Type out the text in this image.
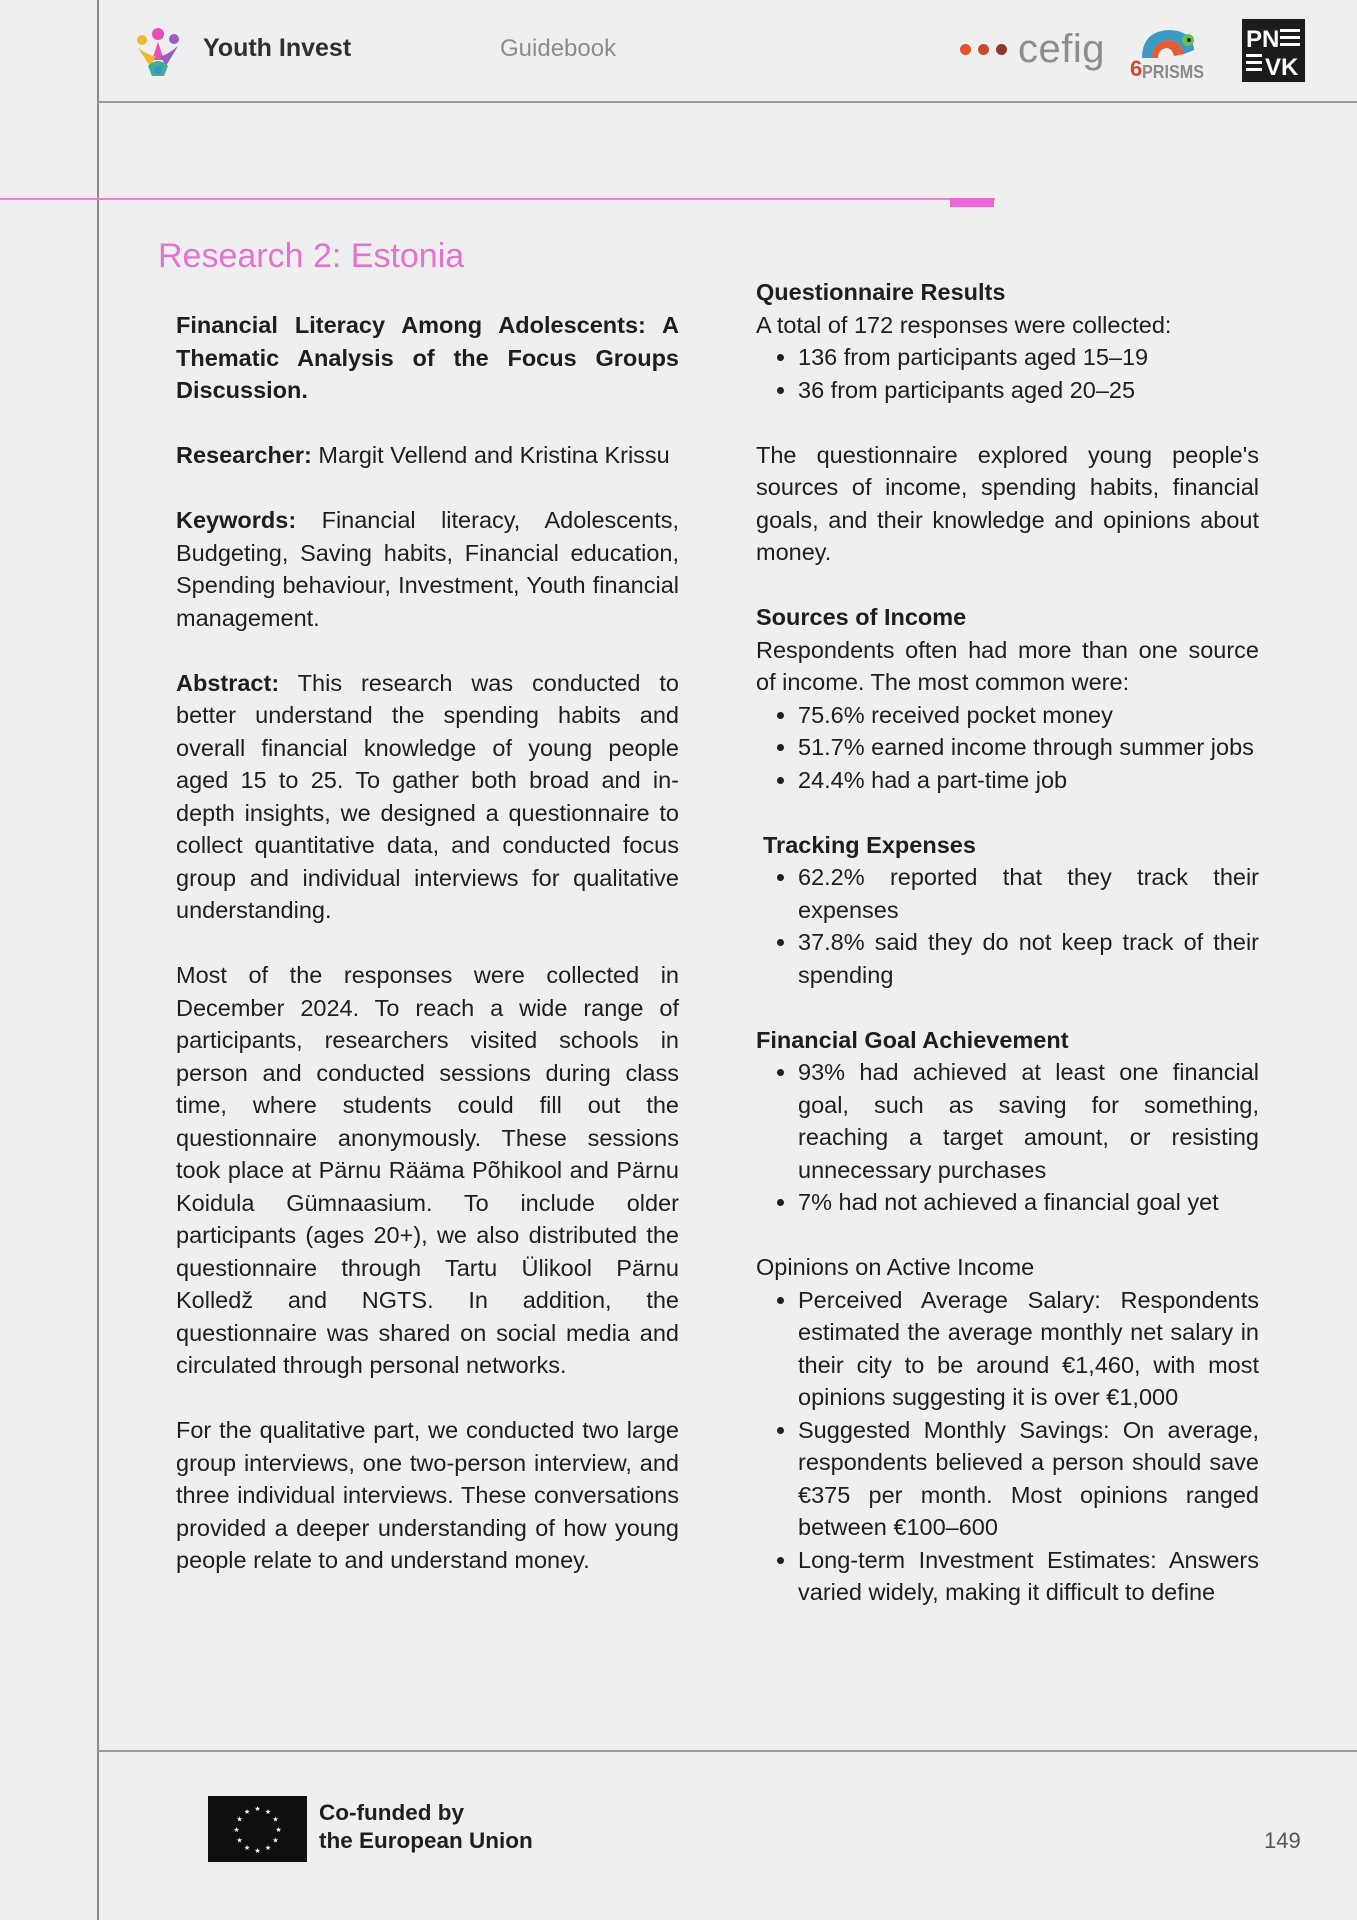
Youth Invest	Guidebook	cefig 6 PRISMS
PN
VK
Research 2: Estonia

Financial Literacy Among Adolescents: A Thematic Analysis of the Focus Groups Discussion.

Researcher: Margit Vellend and Kristina Krissu

Keywords: Financial literacy, Adolescents, Budgeting, Saving habits, Financial education, Spending behaviour, Investment, Youth financial management.

Abstract: This research was conducted to better understand the spending habits and overall financial knowledge of young people aged 15 to 25. To gather both broad and in-depth insights, we designed a questionnaire to collect quantitative data, and conducted focus group and individual interviews for qualitative understanding.

Most of the responses were collected in December 2024. To reach a wide range of participants, researchers visited schools in person and conducted sessions during class time, where students could fill out the questionnaire anonymously. These sessions took place at Pärnu Rääma Põhikool and Pärnu Koidula Gümnaasium. To include older participants (ages 20+), we also distributed the questionnaire through Tartu Ülikool Pärnu Kolledž and NGTS. In addition, the questionnaire was shared on social media and circulated through personal networks.

For the qualitative part, we conducted two large group interviews, one two-person interview, and three individual interviews. These conversations provided a deeper understanding of how young people relate to and understand money.

Questionnaire Results
A total of 172 responses were collected:
• 136 from participants aged 15–19
• 36 from participants aged 20–25

The questionnaire explored young people's sources of income, spending habits, financial goals, and their knowledge and opinions about money.

Sources of Income
Respondents often had more than one source of income. The most common were:
• 75.6% received pocket money
• 51.7% earned income through summer jobs
• 24.4% had a part-time job
Tracking Expenses
• 62.2% reported that they track their expenses
• 37.8% said they do not keep track of their spending
Financial Goal Achievement
• 93% had achieved at least one financial goal, such as saving for something, reaching a target amount, or resisting unnecessary purchases
• 7% had not achieved a financial goal yet
Opinions on Active Income
• Perceived Average Salary: Respondents estimated the average monthly net salary in their city to be around €1,460, with most opinions suggesting it is over €1,000
• Suggested Monthly Savings: On average, respondents believed a person should save €375 per month. Most opinions ranged between €100–600
• Long-term Investment Estimates: Answers varied widely, making it difficult to define
★ ★
★
★
★
★
★
★
★
★
★
★	Co-funded by
the European Union	149
